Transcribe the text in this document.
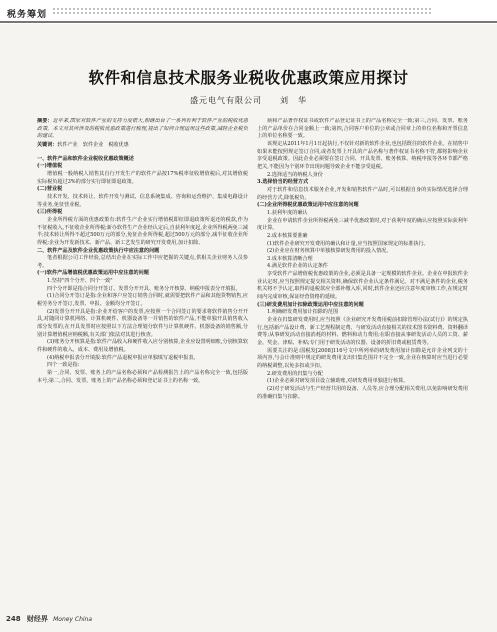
税务筹划
软件和信息技术服务业税收优惠政策应用探讨
盛元电气有限公司　　刘　华

摘要：近年来,国家对软件产业的支持力度很大,相继出台了一系列有利于软件产业的税收优惠政策。本文对其所涉及的税收优惠政策进行梳理,提出了如何合理运用这些政策,减轻企业税负的建议。

关键词：软件产业　软件企业　税收优惠

一、软件产品和软件企业税收优惠政策概述

(一)增值税

增值税一般纳税人销售其自行开发生产的软件产品按17%税率征收增值税后,对其增值税实际税负超过3%的部分实行即征即退政策。

(二)营业税

技术开发、技术转让、软件开发与测试、信息系统集成、咨询和运营维护、集成电路设计等业务,免征营业税。

(三)所得税

企业所得税方面的优惠政策有:软件生产企业实行增值税即征即退政策所退还的税款,作为不征税收入,不征收企业所得税;新办软件生产企业经认定后,自获利年度起,企业所得税两免三减半;技术转让所得不超过500万元的部分,免征企业所得税,超过500万元的部分,减半征收企业所得税;企业为开发新技术、新产品、新工艺发生的研究开发费用,加计扣除。

二、软件产品及软件企业优惠政策执行中应注意的问题

笔者根据公司工作经验,总结出企业在实际工作中应把握的关键点,供相关企业财务人员参考。

(一)软件产品增值税优惠政策运用中应注意的问题

1.坚持"四个分开、四个一致"

四个分开即是指合同分开签订、发票分开开具、账务分开核算、纳税申报表分开填报。

(1)合同分开签订是指:企业和客户应签订销售合同时,就需要把软件产品和其他货物销售,应税劳务分开签订,发票、申报、金额均分开签订。

(2)发票分开开具是指:企业开给客户的发票,应按照一个合同签订的要求将软件销售分开开具,对随同计算机网络、计算机硬件、机器设备等一并销售的软件产品,不能单独开具销售收入部分发票的,在开具发票时应按照以下方法合理划分软件与计算机硬件、机器设备的销售额,分别计算增值税应纳税额,有关部门依法对其进行核查。

(3)账务分开核算是指:软件产品收入和硬件收入应分别核算,企业应设置明细账,分别核算软件和硬件的收入、成本、费用及增值税。

(4)纳税申报表分开填报:软件产品退税申报应单独填写退税申报表。

四个一致是指:

第一,合同、发票、账务上的产品名称必须和产品检测报告上的产品名称完全一致,包括版本号;第二,合同、发票、账务上的产品名称必须和登记证书上的名称一致。

须和产品著作权证书或软件产品登记证书上的产品名称完全一致;第三,合同、发票、账务上的产品单价在合同金额上一致;第四,合同客户单位的公章或合同章上的单位名称和开票信息上的单位名称要一致。

该规定从2011年1月1日起执行,不仅针对新的软件企业,也包括既往的软件企业。在销售中如果未能按照规定签订合同,或者发票上开具的产品名称与著作权证书名称不符,都将影响企业享受退税政策。因此企业必须要在签订合同、开具发票、账务核算、纳税申报等各环节都严格把关,不能因为个别环节出现问题导致企业不能享受退税。

2.选择适当的纳税人身份

3.选择恰当的经营方式

对于软件和信息技术服务企业,开发和销售软件产品时,可以根据自身的实际情况选择合理的经营方式,降低税负。

(二)企业所得税优惠政策运用中应注意的问题

1.获利年度的确认

企业在申请软件企业所得税两免三减半优惠政策时,对于获利年度的确认应按照实际获利年度计算。

2.成本核算要准确

(1)软件企业研究开发费用的确认和计量,应当按照国家规定的标准执行。

(2)企业应在财务核算中单独核算研发费用的投入情况。

3.成本核算清晰合理

4.满足软件企业的认定条件

享受软件产品增值税优惠政策的企业,必须是具备一定规模的软件企业。企业在申报软件企业认定时,应当按照规定提交相关资料,确保软件企业认定条件满足。对不满足条件的企业,税务机关将不予认定,取得的退税款应全部补缴入库,同时,软件企业还应注意年度审核工作,在规定时间内完成审核,保证经营资格的延续。

(三)研发费用加计扣除政策运用中应注意的问题

1.明确研发费用加计扣除的范围

企业在归集研发费用时,应当按照《企业研究开发费用税前扣除管理办法(试行)》的规定执行,包括新产品设计费、新工艺规程制定费、与研发活动直接相关的技术图书资料费、资料翻译费等;从事研发活动直接消耗的材料、燃料和动力费用;在职直接从事研发活动人员的工资、薪金、奖金、津贴、补贴;专门用于研发活动的仪器、设备的折旧费或租赁费等。

需要关注的是:国税发[2008]116号文中所列举的研发费用加计扣除是允许企业列支的十项内容,与会计准则中规定的研发费用支出归集范围并不完全一致,企业在核算时应当进行必要的纳税调整,以免多扣或少扣。

2.研发费用的归集与分配

(1)企业必须对研发项目设立辅助账,对研发费用单独进行核算。

(2)对于研发活动与生产经营共用的设备、人员等,应合理分配相关费用,以免影响研发费用的准确归集与扣除。

248 财经界 Money China
